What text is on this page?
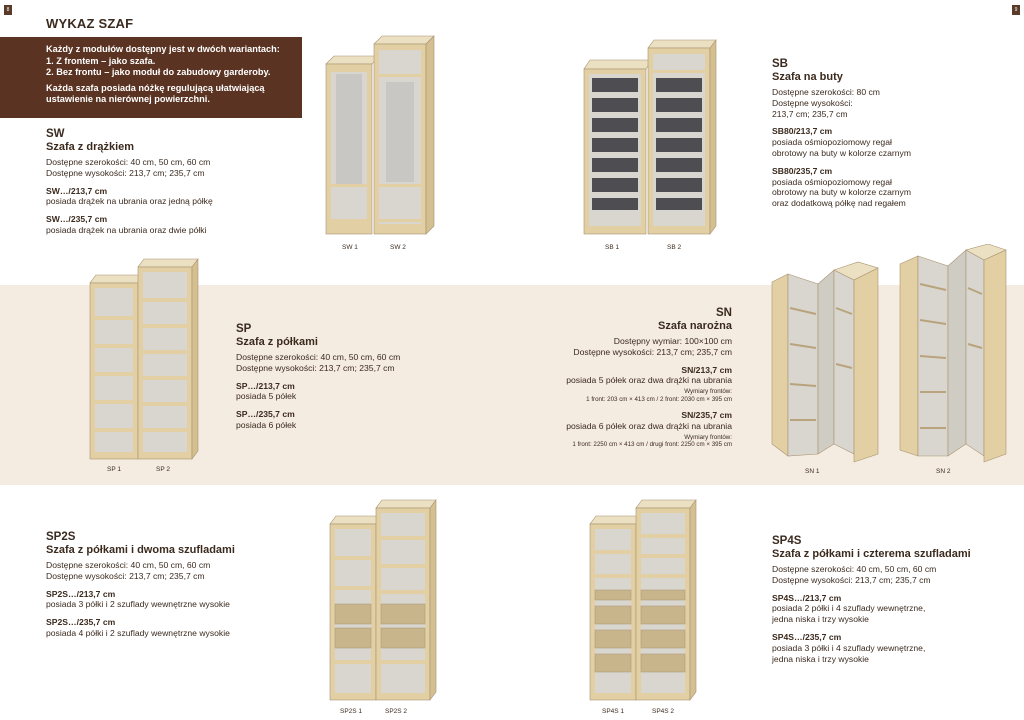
8	9
WYKAZ SZAF

Każdy z modułów dostępny jest w dwóch wariantach:

1. Z frontem – jako szafa.

2. Bez frontu – jako moduł do zabudowy garderoby.

Każda szafa posiada nóżkę regulującą ułatwiającą

ustawienie na nierównej powierzchni.

SW
Szafa z drążkiem
Dostępne szerokości: 40 cm, 50 cm, 60 cm
Dostępne wysokości: 213,7 cm; 235,7 cm
SW…/213,7 cm
posiada drążek na ubrania oraz jedną półkę
SW…/235,7 cm
posiada drążek na ubrania oraz dwie półki
SB
Szafa na buty
Dostępne szerokości: 80 cm
Dostępne wysokości:
213,7 cm; 235,7 cm
SB80/213,7 cm
posiada ośmiopoziomowy regał
obrotowy na buty w kolorze czarnym
SB80/235,7 cm
posiada ośmiopoziomowy regał
obrotowy na buty w kolorze czarnym
oraz dodatkową półkę nad regałem
SP
Szafa z półkami
Dostępne szerokości: 40 cm, 50 cm, 60 cm
Dostępne wysokości: 213,7 cm; 235,7 cm
SP…/213,7 cm
posiada 5 półek
SP…/235,7 cm
posiada 6 półek
SN
Szafa narożna
Dostępny wymiar: 100×100 cm
Dostępne wysokości: 213,7 cm; 235,7 cm
SN/213,7 cm
posiada 5 półek oraz dwa drążki na ubrania
Wymiary frontów:
1 front: 203 cm × 413 cm / 2 front: 2030 cm × 395 cm
SN/235,7 cm
posiada 6 półek oraz dwa drążki na ubrania
Wymiary frontów:
1 front: 2250 cm × 413 cm / drugi front: 2250 cm × 395 cm
SP2S
Szafa z półkami i dwoma szufladami
Dostępne szerokości: 40 cm, 50 cm, 60 cm
Dostępne wysokości: 213,7 cm; 235,7 cm
SP2S…/213,7 cm
posiada 3 półki i 2 szuflady wewnętrzne wysokie
SP2S…/235,7 cm
posiada 4 półki i 2 szuflady wewnętrzne wysokie
SP4S
Szafa z półkami i czterema szufladami
Dostępne szerokości: 40 cm, 50 cm, 60 cm
Dostępne wysokości: 213,7 cm; 235,7 cm
SP4S…/213,7 cm
posiada 2 półki i 4 szuflady wewnętrzne,
jedna niska i trzy wysokie
SP4S…/235,7 cm
posiada 3 półki i 4 szuflady wewnętrzne,
jedna niska i trzy wysokie
SW 1	SW 2	SB 1	SB 2
SP 1	SP 2	SN 1	SN 2
SP2S 1	SP2S 2	SP4S 1	SP4S 2
